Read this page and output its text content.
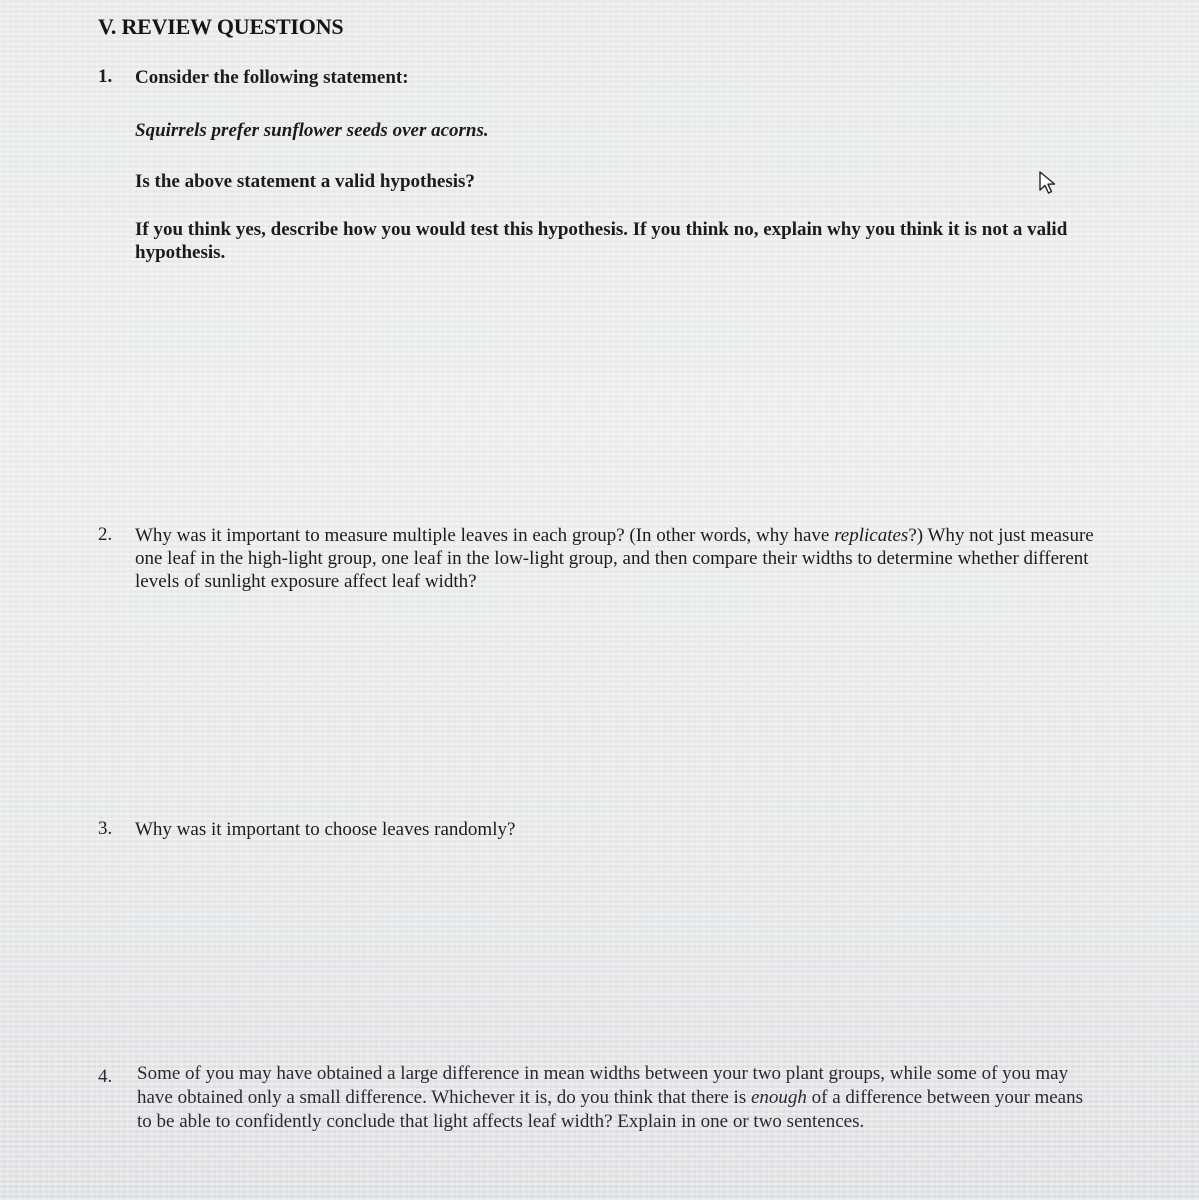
V. REVIEW QUESTIONS
1. Consider the following statement:
Squirrels prefer sunflower seeds over acorns.
Is the above statement a valid hypothesis?
If you think yes, describe how you would test this hypothesis. If you think no, explain why you think it is not a valid hypothesis.
2. Why was it important to measure multiple leaves in each group? (In other words, why have replicates?) Why not just measure one leaf in the high-light group, one leaf in the low-light group, and then compare their widths to determine whether different levels of sunlight exposure affect leaf width?
3. Why was it important to choose leaves randomly?
4. Some of you may have obtained a large difference in mean widths between your two plant groups, while some of you may have obtained only a small difference. Whichever it is, do you think that there is enough of a difference between your means to be able to confidently conclude that light affects leaf width? Explain in one or two sentences.
